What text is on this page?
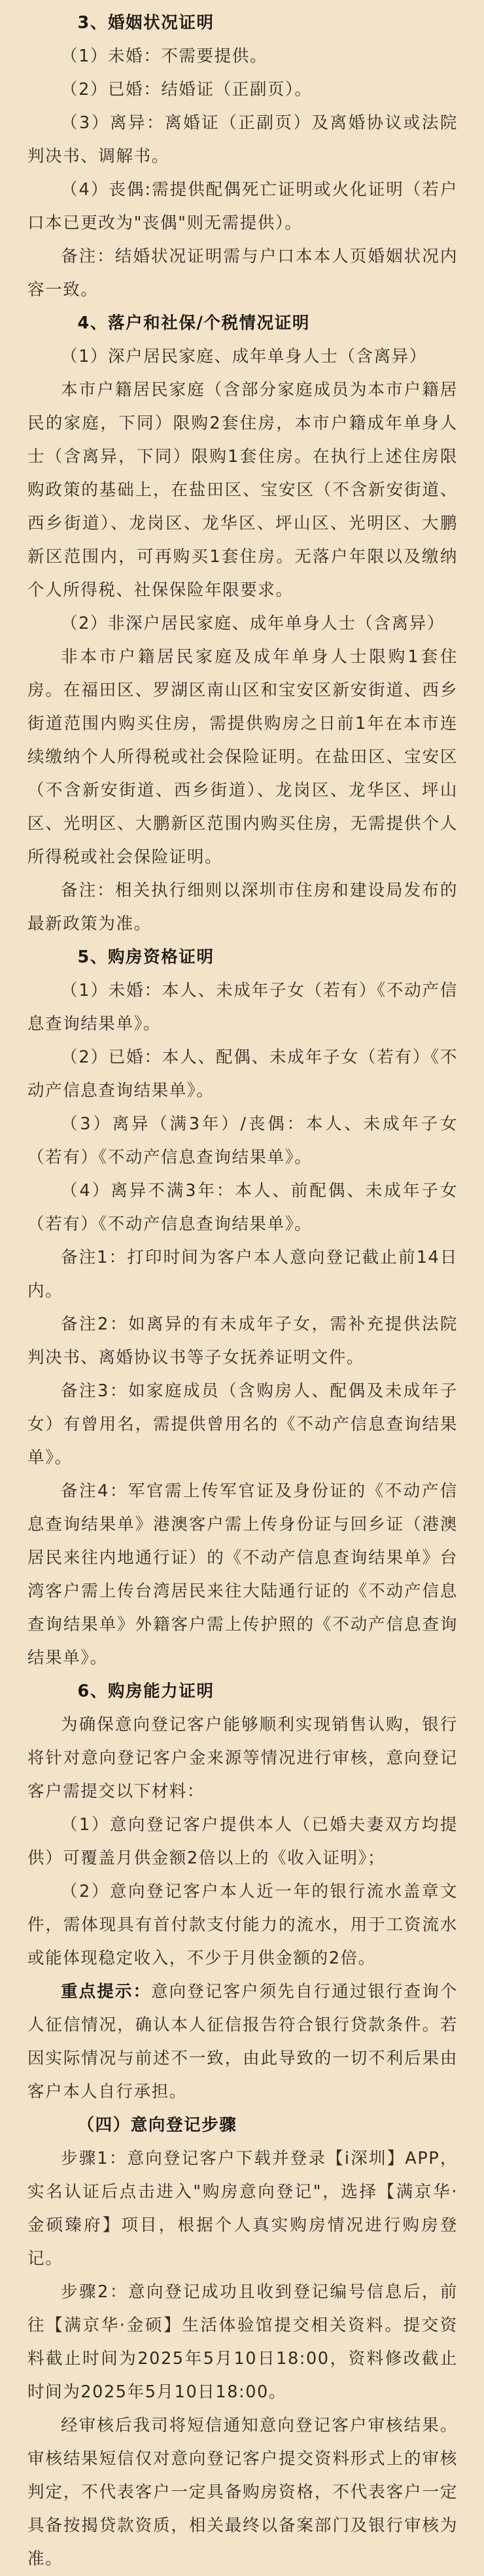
3、婚姻状况证明

（1）未婚：不需要提供。

（2）已婚：结婚证（正副页）。

（3）离异：离婚证（正副页）及离婚协议或法院判决书、调解书。

（4）丧偶:需提供配偶死亡证明或火化证明（若户口本已更改为"丧偶"则无需提供）。

备注：结婚状况证明需与户口本本人页婚姻状况内容一致。

4、落户和社保/个税情况证明

（1）深户居民家庭、成年单身人士（含离异）

本市户籍居民家庭（含部分家庭成员为本市户籍居民的家庭，下同）限购2套住房，本市户籍成年单身人士（含离异，下同）限购1套住房。在执行上述住房限购政策的基础上，在盐田区、宝安区（不含新安街道、西乡街道）、龙岗区、龙华区、坪山区、光明区、大鹏新区范围内，可再购买1套住房。无落户年限以及缴纳个人所得税、社保保险年限要求。

（2）非深户居民家庭、成年单身人士（含离异）

非本市户籍居民家庭及成年单身人士限购1套住房。在福田区、罗湖区南山区和宝安区新安街道、西乡街道范围内购买住房，需提供购房之日前1年在本市连续缴纳个人所得税或社会保险证明。在盐田区、宝安区（不含新安街道、西乡街道）、龙岗区、龙华区、坪山区、光明区、大鹏新区范围内购买住房，无需提供个人所得税或社会保险证明。

备注：相关执行细则以深圳市住房和建设局发布的最新政策为准。

5、购房资格证明

（1）未婚：本人、未成年子女（若有）《不动产信息查询结果单》。

（2）已婚：本人、配偶、未成年子女（若有）《不动产信息查询结果单》。

（3）离异（满3年）/丧偶：本人、未成年子女（若有）《不动产信息查询结果单》。

（4）离异不满3年：本人、前配偶、未成年子女（若有）《不动产信息查询结果单》。

备注1：打印时间为客户本人意向登记截止前14日内。

备注2：如离异的有未成年子女，需补充提供法院判决书、离婚协议书等子女抚养证明文件。

备注3：如家庭成员（含购房人、配偶及未成年子女）有曾用名，需提供曾用名的《不动产信息查询结果单》。

备注4：军官需上传军官证及身份证的《不动产信息查询结果单》港澳客户需上传身份证与回乡证（港澳居民来往内地通行证）的《不动产信息查询结果单》台湾客户需上传台湾居民来往大陆通行证的《不动产信息查询结果单》外籍客户需上传护照的《不动产信息查询结果单》。

6、购房能力证明

为确保意向登记客户能够顺利实现销售认购，银行将针对意向登记客户金来源等情况进行审核，意向登记客户需提交以下材料：

（1）意向登记客户提供本人（已婚夫妻双方均提供）可覆盖月供金额2倍以上的《收入证明》；

（2）意向登记客户本人近一年的银行流水盖章文件，需体现具有首付款支付能力的流水，用于工资流水或能体现稳定收入，不少于月供金额的2倍。

重点提示：意向登记客户须先自行通过银行查询个人征信情况，确认本人征信报告符合银行贷款条件。若因实际情况与前述不一致，由此导致的一切不利后果由客户本人自行承担。

（四）意向登记步骤

步骤1：意向登记客户下载并登录【i深圳】APP，实名认证后点击进入"购房意向登记"，选择【满京华·金硕臻府】项目，根据个人真实购房情况进行购房登记。

步骤2：意向登记成功且收到登记编号信息后，前往【满京华·金硕】生活体验馆提交相关资料。提交资料截止时间为2025年5月10日18:00，资料修改截止时间为2025年5月10日18:00。

经审核后我司将短信通知意向登记客户审核结果。审核结果短信仅对意向登记客户提交资料形式上的审核判定，不代表客户一定具备购房资格，不代表客户一定具备按揭贷款资质，相关最终以备案部门及银行审核为准。
